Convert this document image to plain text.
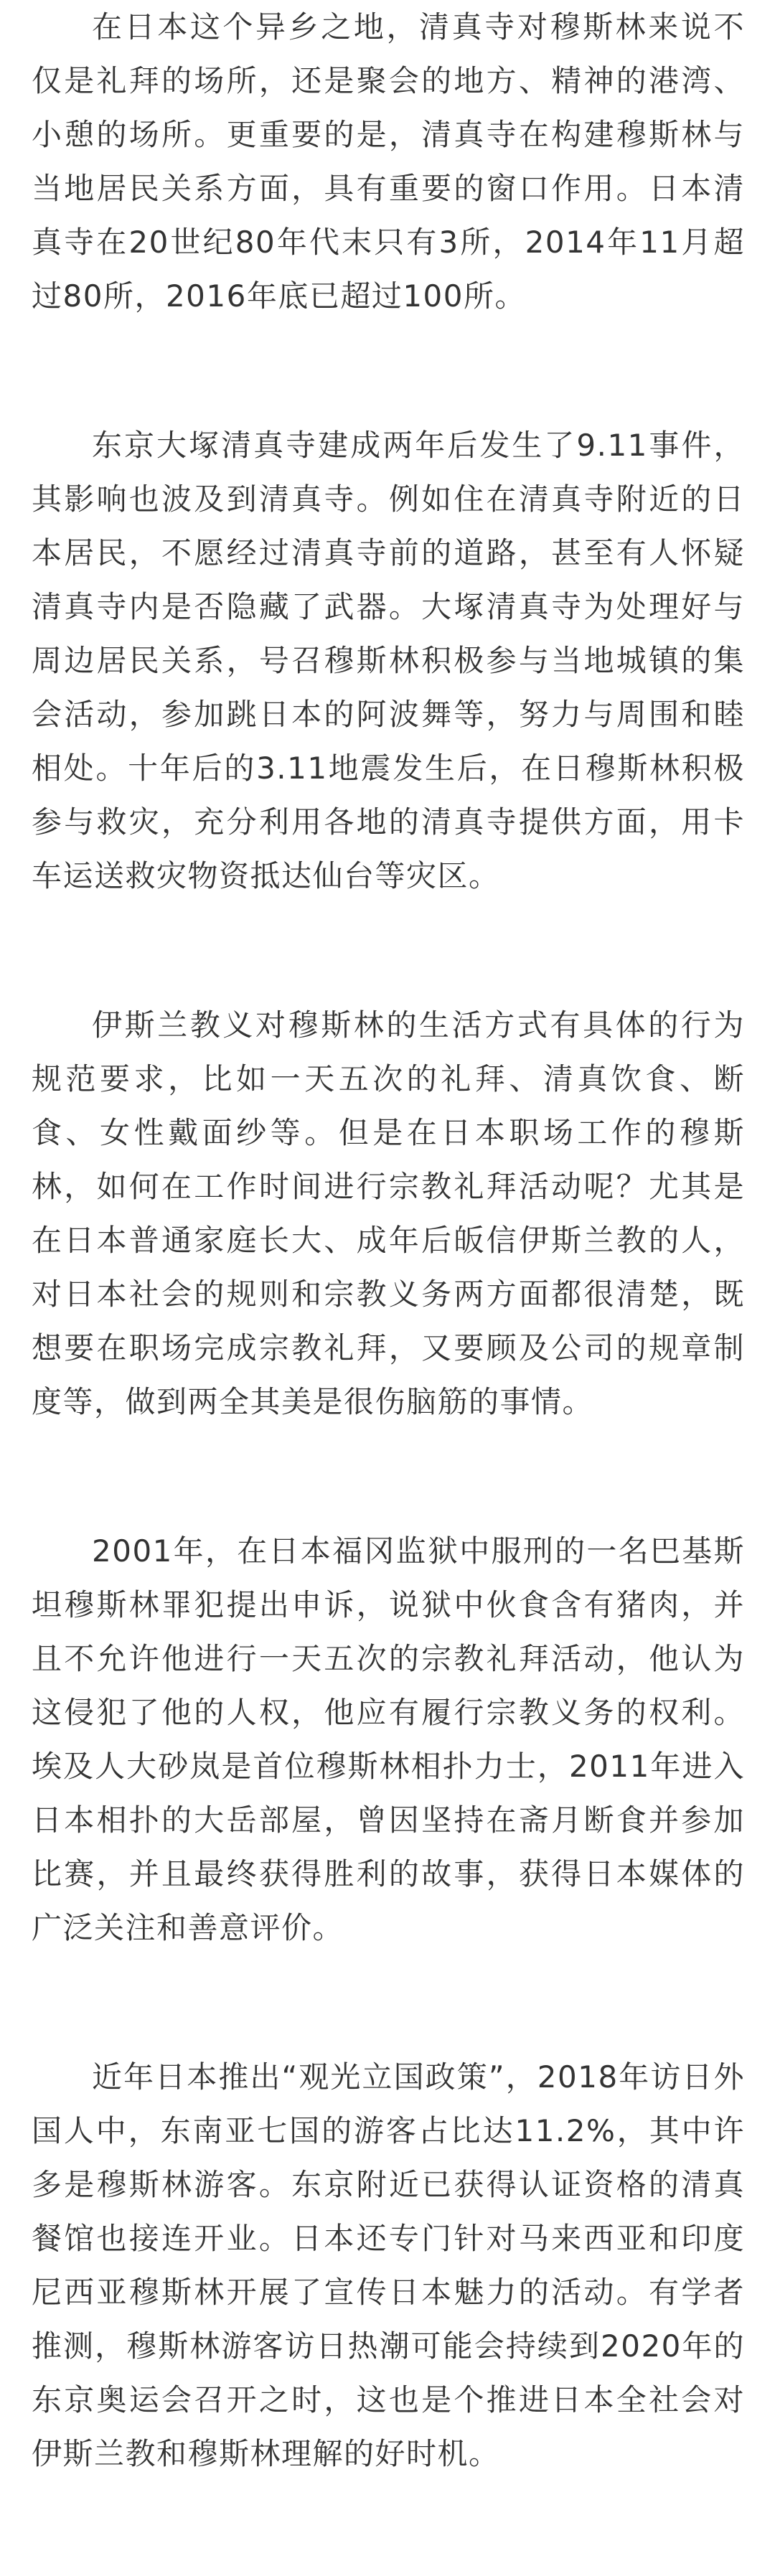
在日本这个异乡之地，清真寺对穆斯林来说不仅是礼拜的场所，还是聚会的地方、精神的港湾、小憩的场所。更重要的是，清真寺在构建穆斯林与当地居民关系方面，具有重要的窗口作用。日本清真寺在20世纪80年代末只有3所，2014年11月超过80所，2016年底已超过100所。

东京大塚清真寺建成两年后发生了9.11事件，其影响也波及到清真寺。例如住在清真寺附近的日本居民，不愿经过清真寺前的道路，甚至有人怀疑清真寺内是否隐藏了武器。大塚清真寺为处理好与周边居民关系，号召穆斯林积极参与当地城镇的集会活动，参加跳日本的阿波舞等，努力与周围和睦相处。十年后的3.11地震发生后，在日穆斯林积极参与救灾，充分利用各地的清真寺提供方面，用卡车运送救灾物资抵达仙台等灾区。

伊斯兰教义对穆斯林的生活方式有具体的行为规范要求，比如一天五次的礼拜、清真饮食、断食、女性戴面纱等。但是在日本职场工作的穆斯林，如何在工作时间进行宗教礼拜活动呢？尤其是在日本普通家庭长大、成年后皈信伊斯兰教的人，对日本社会的规则和宗教义务两方面都很清楚，既想要在职场完成宗教礼拜，又要顾及公司的规章制度等，做到两全其美是很伤脑筋的事情。

2001年，在日本福冈监狱中服刑的一名巴基斯坦穆斯林罪犯提出申诉，说狱中伙食含有猪肉，并且不允许他进行一天五次的宗教礼拜活动，他认为这侵犯了他的人权，他应有履行宗教义务的权利。埃及人大砂岚是首位穆斯林相扑力士，2011年进入日本相扑的大岳部屋，曾因坚持在斋月断食并参加比赛，并且最终获得胜利的故事，获得日本媒体的广泛关注和善意评价。

近年日本推出“观光立国政策”，2018年访日外国人中，东南亚七国的游客占比达11.2%，其中许多是穆斯林游客。东京附近已获得认证资格的清真餐馆也接连开业。日本还专门针对马来西亚和印度尼西亚穆斯林开展了宣传日本魅力的活动。有学者推测，穆斯林游客访日热潮可能会持续到2020年的东京奥运会召开之时，这也是个推进日本全社会对伊斯兰教和穆斯林理解的好时机。
